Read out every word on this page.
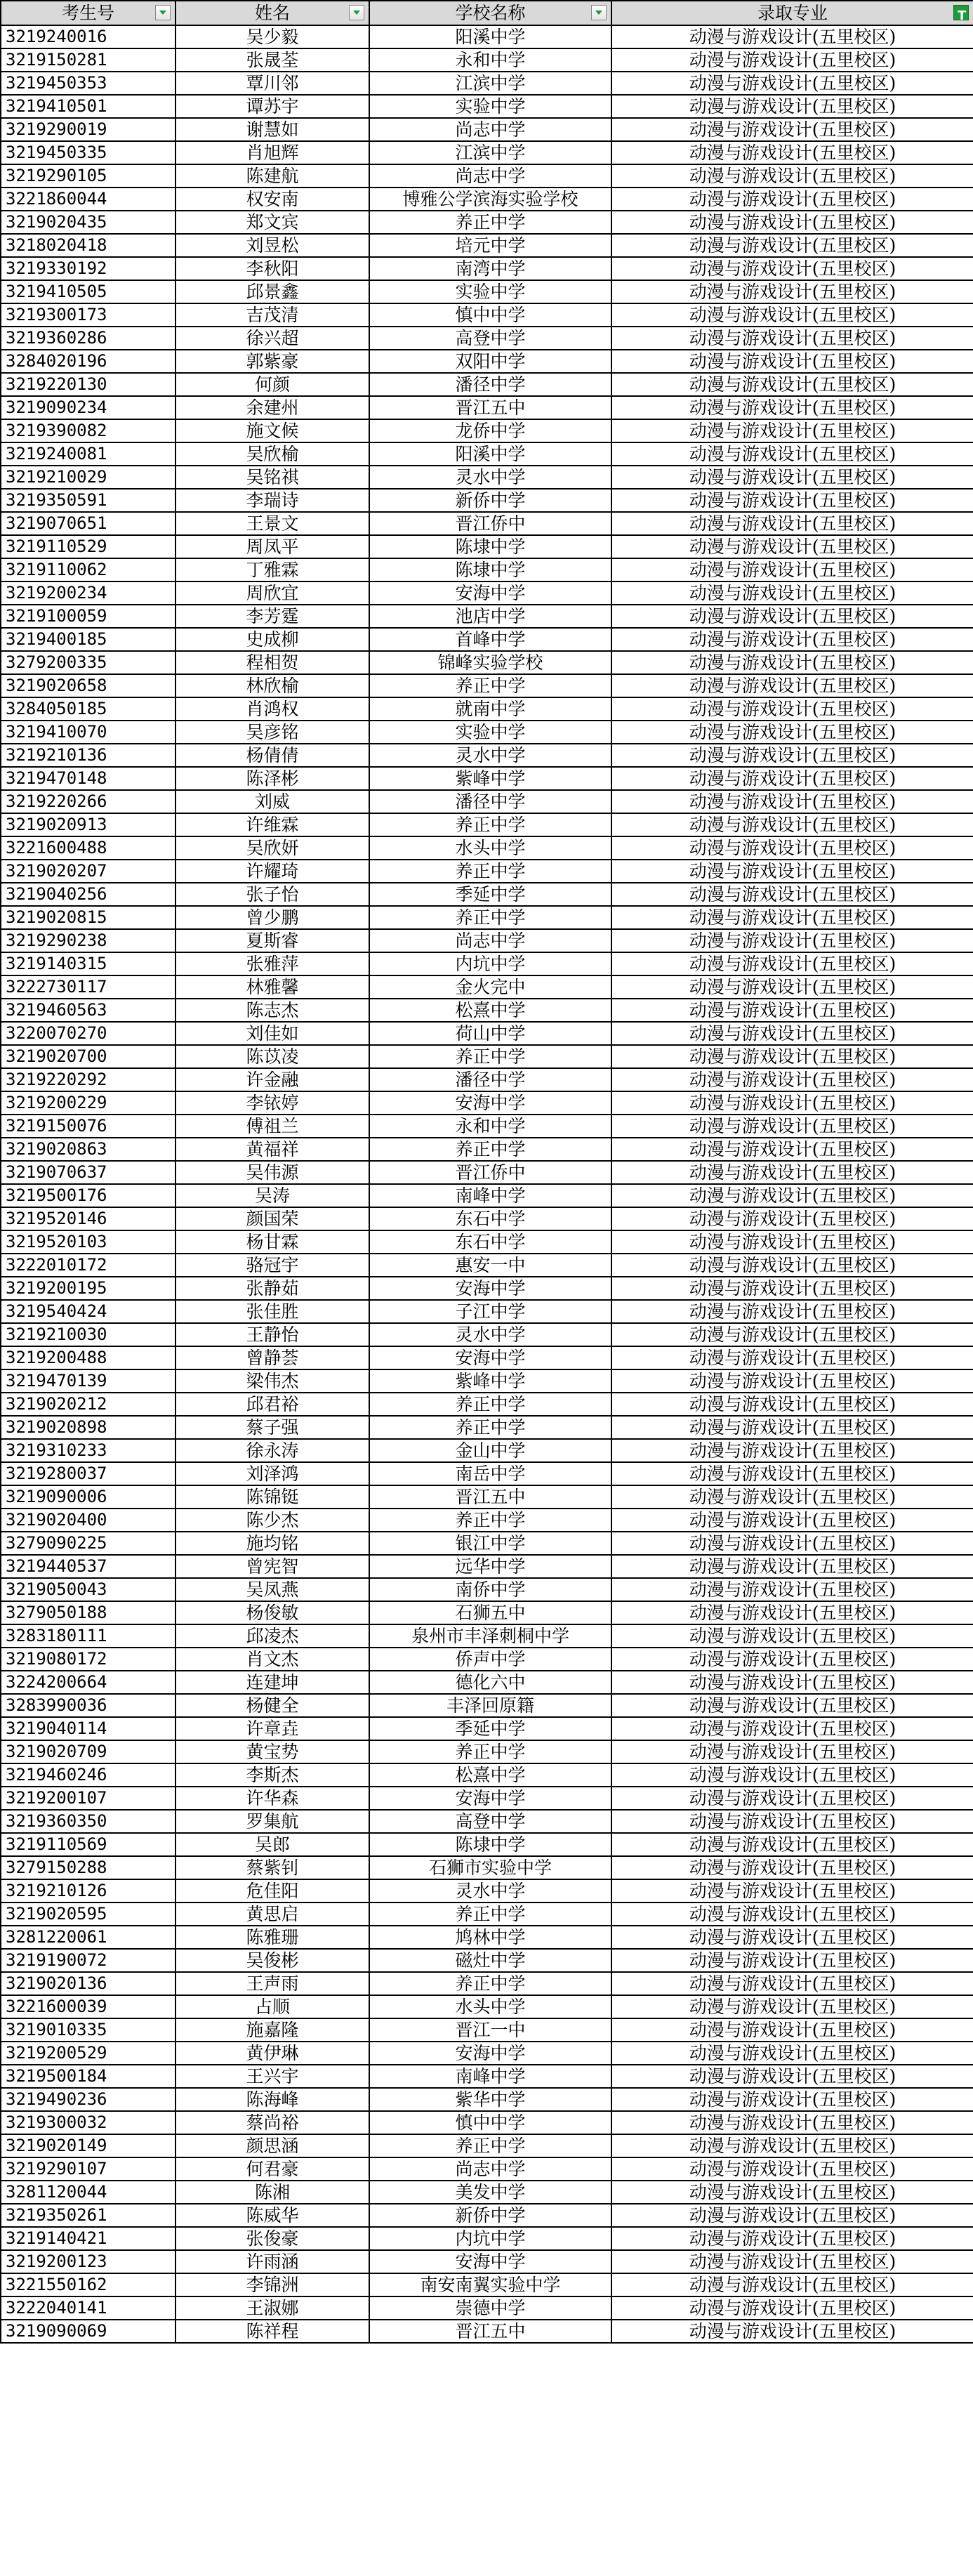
考生号	姓名	学校名称	录取专业
T

3219240016	吴少毅	阳溪中学	动漫与游戏设计(五里校区)
3219150281	张晟荃	永和中学	动漫与游戏设计(五里校区)
3219450353	覃川邻	江滨中学	动漫与游戏设计(五里校区)
3219410501	谭苏宇	实验中学	动漫与游戏设计(五里校区)
3219290019	谢慧如	尚志中学	动漫与游戏设计(五里校区)
3219450335	肖旭辉	江滨中学	动漫与游戏设计(五里校区)
3219290105	陈建航	尚志中学	动漫与游戏设计(五里校区)
3221860044	权安南	博雅公学滨海实验学校	动漫与游戏设计(五里校区)
3219020435	郑文宾	养正中学	动漫与游戏设计(五里校区)
3218020418	刘昱松	培元中学	动漫与游戏设计(五里校区)
3219330192	李秋阳	南湾中学	动漫与游戏设计(五里校区)
3219410505	邱景鑫	实验中学	动漫与游戏设计(五里校区)
3219300173	吉茂清	慎中中学	动漫与游戏设计(五里校区)
3219360286	徐兴超	高登中学	动漫与游戏设计(五里校区)
3284020196	郭紫豪	双阳中学	动漫与游戏设计(五里校区)
3219220130	何颜	潘径中学	动漫与游戏设计(五里校区)
3219090234	余建州	晋江五中	动漫与游戏设计(五里校区)
3219390082	施文候	龙侨中学	动漫与游戏设计(五里校区)
3219240081	吴欣榆	阳溪中学	动漫与游戏设计(五里校区)
3219210029	吴铭祺	灵水中学	动漫与游戏设计(五里校区)
3219350591	李瑞诗	新侨中学	动漫与游戏设计(五里校区)
3219070651	王景文	晋江侨中	动漫与游戏设计(五里校区)
3219110529	周凤平	陈埭中学	动漫与游戏设计(五里校区)
3219110062	丁雅霖	陈埭中学	动漫与游戏设计(五里校区)
3219200234	周欣宜	安海中学	动漫与游戏设计(五里校区)
3219100059	李芳霆	池店中学	动漫与游戏设计(五里校区)
3219400185	史成柳	首峰中学	动漫与游戏设计(五里校区)
3279200335	程相贺	锦峰实验学校	动漫与游戏设计(五里校区)
3219020658	林欣榆	养正中学	动漫与游戏设计(五里校区)
3284050185	肖鸿权	就南中学	动漫与游戏设计(五里校区)
3219410070	吴彦铭	实验中学	动漫与游戏设计(五里校区)
3219210136	杨倩倩	灵水中学	动漫与游戏设计(五里校区)
3219470148	陈泽彬	紫峰中学	动漫与游戏设计(五里校区)
3219220266	刘威	潘径中学	动漫与游戏设计(五里校区)
3219020913	许维霖	养正中学	动漫与游戏设计(五里校区)
3221600488	吴欣妍	水头中学	动漫与游戏设计(五里校区)
3219020207	许耀琦	养正中学	动漫与游戏设计(五里校区)
3219040256	张子怡	季延中学	动漫与游戏设计(五里校区)
3219020815	曾少鹏	养正中学	动漫与游戏设计(五里校区)
3219290238	夏斯睿	尚志中学	动漫与游戏设计(五里校区)
3219140315	张雅萍	内坑中学	动漫与游戏设计(五里校区)
3222730117	林雅馨	金火完中	动漫与游戏设计(五里校区)
3219460563	陈志杰	松熹中学	动漫与游戏设计(五里校区)
3220070270	刘佳如	荷山中学	动漫与游戏设计(五里校区)
3219020700	陈苡凌	养正中学	动漫与游戏设计(五里校区)
3219220292	许金融	潘径中学	动漫与游戏设计(五里校区)
3219200229	李铱婷	安海中学	动漫与游戏设计(五里校区)
3219150076	傅祖兰	永和中学	动漫与游戏设计(五里校区)
3219020863	黄福祥	养正中学	动漫与游戏设计(五里校区)
3219070637	吴伟源	晋江侨中	动漫与游戏设计(五里校区)
3219500176	吴涛	南峰中学	动漫与游戏设计(五里校区)
3219520146	颜国荣	东石中学	动漫与游戏设计(五里校区)
3219520103	杨甘霖	东石中学	动漫与游戏设计(五里校区)
3222010172	骆冠宇	惠安一中	动漫与游戏设计(五里校区)
3219200195	张静茹	安海中学	动漫与游戏设计(五里校区)
3219540424	张佳胜	子江中学	动漫与游戏设计(五里校区)
3219210030	王静怡	灵水中学	动漫与游戏设计(五里校区)
3219200488	曾静荟	安海中学	动漫与游戏设计(五里校区)
3219470139	梁伟杰	紫峰中学	动漫与游戏设计(五里校区)
3219020212	邱君裕	养正中学	动漫与游戏设计(五里校区)
3219020898	蔡子强	养正中学	动漫与游戏设计(五里校区)
3219310233	徐永涛	金山中学	动漫与游戏设计(五里校区)
3219280037	刘泽鸿	南岳中学	动漫与游戏设计(五里校区)
3219090006	陈锦铤	晋江五中	动漫与游戏设计(五里校区)
3219020400	陈少杰	养正中学	动漫与游戏设计(五里校区)
3279090225	施均铭	银江中学	动漫与游戏设计(五里校区)
3219440537	曾宪智	远华中学	动漫与游戏设计(五里校区)
3219050043	吴凤燕	南侨中学	动漫与游戏设计(五里校区)
3279050188	杨俊敏	石狮五中	动漫与游戏设计(五里校区)
3283180111	邱凌杰	泉州市丰泽刺桐中学	动漫与游戏设计(五里校区)
3219080172	肖文杰	侨声中学	动漫与游戏设计(五里校区)
3224200664	连建坤	德化六中	动漫与游戏设计(五里校区)
3283990036	杨健全	丰泽回原籍	动漫与游戏设计(五里校区)
3219040114	许章垚	季延中学	动漫与游戏设计(五里校区)
3219020709	黄宝势	养正中学	动漫与游戏设计(五里校区)
3219460246	李斯杰	松熹中学	动漫与游戏设计(五里校区)
3219200107	许华森	安海中学	动漫与游戏设计(五里校区)
3219360350	罗集航	高登中学	动漫与游戏设计(五里校区)
3219110569	吴郎	陈埭中学	动漫与游戏设计(五里校区)
3279150288	蔡紫钊	石狮市实验中学	动漫与游戏设计(五里校区)
3219210126	危佳阳	灵水中学	动漫与游戏设计(五里校区)
3219020595	黄思启	养正中学	动漫与游戏设计(五里校区)
3281220061	陈雅珊	鸠林中学	动漫与游戏设计(五里校区)
3219190072	吴俊彬	磁灶中学	动漫与游戏设计(五里校区)
3219020136	王声雨	养正中学	动漫与游戏设计(五里校区)
3221600039	占顺	水头中学	动漫与游戏设计(五里校区)
3219010335	施嘉隆	晋江一中	动漫与游戏设计(五里校区)
3219200529	黄伊琳	安海中学	动漫与游戏设计(五里校区)
3219500184	王兴宇	南峰中学	动漫与游戏设计(五里校区)
3219490236	陈海峰	紫华中学	动漫与游戏设计(五里校区)
3219300032	蔡尚裕	慎中中学	动漫与游戏设计(五里校区)
3219020149	颜思涵	养正中学	动漫与游戏设计(五里校区)
3219290107	何君豪	尚志中学	动漫与游戏设计(五里校区)
3281120044	陈湘	美发中学	动漫与游戏设计(五里校区)
3219350261	陈威华	新侨中学	动漫与游戏设计(五里校区)
3219140421	张俊豪	内坑中学	动漫与游戏设计(五里校区)
3219200123	许雨涵	安海中学	动漫与游戏设计(五里校区)
3221550162	李锦洲	南安南翼实验中学	动漫与游戏设计(五里校区)
3222040141	王淑娜	崇德中学	动漫与游戏设计(五里校区)
3219090069	陈祥程	晋江五中	动漫与游戏设计(五里校区)
